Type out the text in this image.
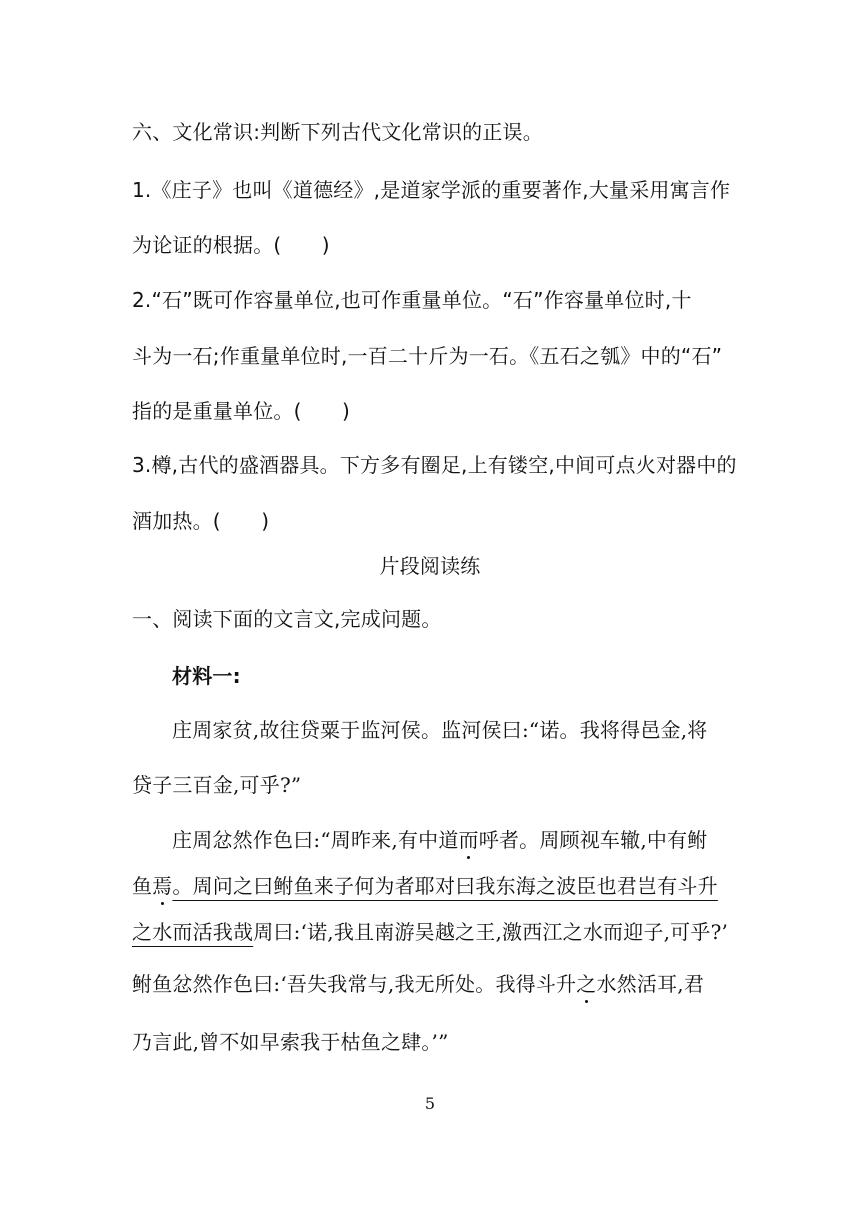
六、文化常识:判断下列古代文化常识的正误。
1.《庄子》也叫《道德经》,是道家学派的重要著作,大量采用寓言作
为论证的根据。(　　)
2.“石”既可作容量单位,也可作重量单位。“石”作容量单位时,十
斗为一石;作重量单位时,一百二十斤为一石。《五石之瓠》中的“石”
指的是重量单位。(　　)
3.樽,古代的盛酒器具。下方多有圈足,上有镂空,中间可点火对器中的
酒加热。(　　)
片段阅读练
一、阅读下面的文言文,完成问题。
材料一:
庄周家贫,故往贷粟于监河侯。监河侯曰:“诺。我将得邑金,将
贷子三百金,可乎?”
庄周忿然作色曰:“周昨来,有中道而呼者。周顾视车辙,中有鲋
鱼焉。周问之曰鲋鱼来子何为者耶对曰我东海之波臣也君岂有斗升
之水而活我哉周曰:‘诺,我且南游吴越之王,激西江之水而迎子,可乎?’
鲋鱼忿然作色曰:‘吾失我常与,我无所处。我得斗升之水然活耳,君
乃言此,曾不如早索我于枯鱼之肆。’”
5
